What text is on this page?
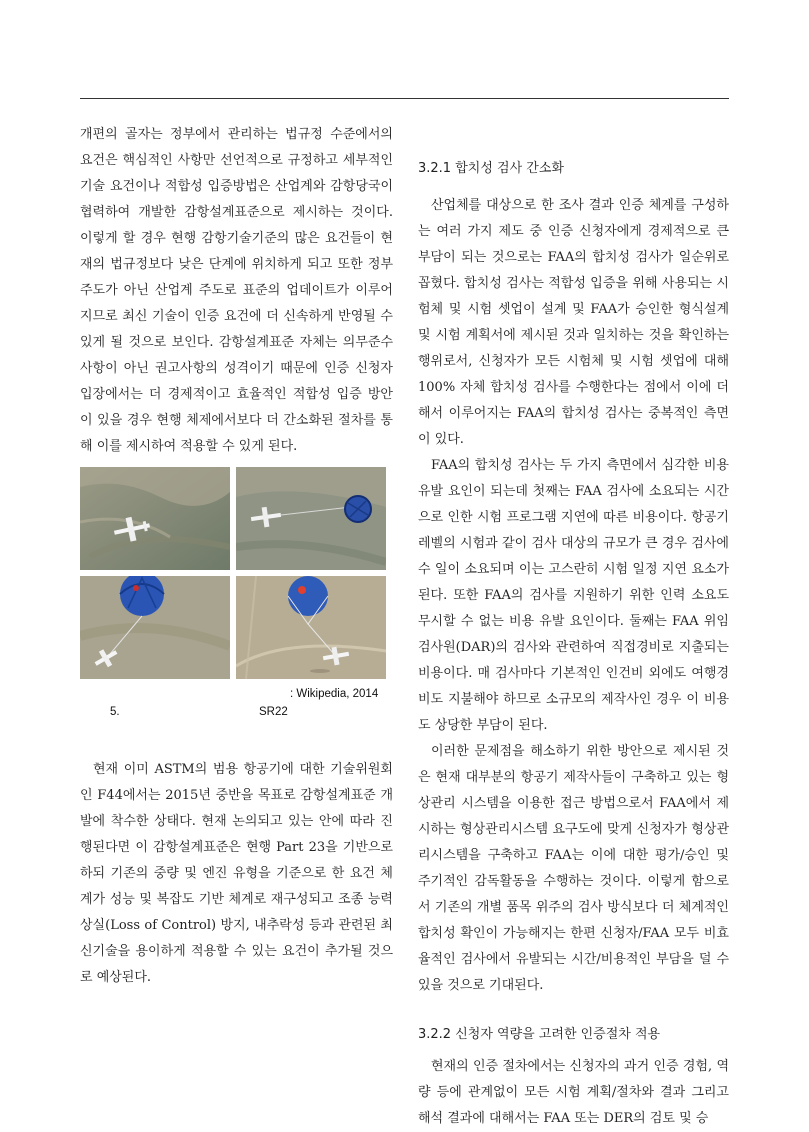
개편의 골자는 정부에서 관리하는 법규정 수준에서의 요건은 핵심적인 사항만 선언적으로 규정하고 세부적인 기술 요건이나 적합성 입증방법은 산업계와 감항당국이 협력하여 개발한 감항설계표준으로 제시하는 것이다. 이렇게 할 경우 현행 감항기술기준의 많은 요건들이 현재의 법규정보다 낮은 단계에 위치하게 되고 또한 정부 주도가 아닌 산업계 주도로 표준의 업데이트가 이루어지므로 최신 기술이 인증 요건에 더 신속하게 반영될 수 있게 될 것으로 보인다. 감항설계표준 자체는 의무준수 사항이 아닌 권고사항의 성격이기 때문에 인증 신청자 입장에서는 더 경제적이고 효율적인 적합성 입증 방안이 있을 경우 현행 체제에서보다 더 간소화된 절차를 통해 이를 제시하여 적용할 수 있게 된다.

: Wikipedia, 2014
5.	SR22

현재 이미 ASTM의 범용 항공기에 대한 기술위원회인 F44에서는 2015년 중반을 목표로 감항설계표준 개발에 착수한 상태다. 현재 논의되고 있는 안에 따라 진행된다면 이 감항설계표준은 현행 Part 23을 기반으로 하되 기존의 중량 및 엔진 유형을 기준으로 한 요건 체계가 성능 및 복잡도 기반 체계로 재구성되고 조종 능력 상실(Loss of Control) 방지, 내추락성 등과 관련된 최신기술을 용이하게 적용할 수 있는 요건이 추가될 것으로 예상된다.

3.2.1 합치성 검사 간소화

산업체를 대상으로 한 조사 결과 인증 체계를 구성하는 여러 가지 제도 중 인증 신청자에게 경제적으로 큰 부담이 되는 것으로는 FAA의 합치성 검사가 일순위로 꼽혔다. 합치성 검사는 적합성 입증을 위해 사용되는 시험체 및 시험 셋업이 설계 및 FAA가 승인한 형식설계 및 시험 계획서에 제시된 것과 일치하는 것을 확인하는 행위로서, 신청자가 모든 시험체 및 시험 셋업에 대해 100% 자체 합치성 검사를 수행한다는 점에서 이에 더해서 이루어지는 FAA의 합치성 검사는 중복적인 측면이 있다.

FAA의 합치성 검사는 두 가지 측면에서 심각한 비용 유발 요인이 되는데 첫째는 FAA 검사에 소요되는 시간으로 인한 시험 프로그램 지연에 따른 비용이다. 항공기 레벨의 시험과 같이 검사 대상의 규모가 큰 경우 검사에 수 일이 소요되며 이는 고스란히 시험 일정 지연 요소가 된다. 또한 FAA의 검사를 지원하기 위한 인력 소요도 무시할 수 없는 비용 유발 요인이다. 둘째는 FAA 위임 검사원(DAR)의 검사와 관련하여 직접경비로 지출되는 비용이다. 매 검사마다 기본적인 인건비 외에도 여행경비도 지불해야 하므로 소규모의 제작사인 경우 이 비용도 상당한 부담이 된다.

이러한 문제점을 해소하기 위한 방안으로 제시된 것은 현재 대부분의 항공기 제작사들이 구축하고 있는 형상관리 시스템을 이용한 접근 방법으로서 FAA에서 제시하는 형상관리시스템 요구도에 맞게 신청자가 형상관리시스템을 구축하고 FAA는 이에 대한 평가/승인 및 주기적인 감독활동을 수행하는 것이다. 이렇게 함으로서 기존의 개별 품목 위주의 검사 방식보다 더 체계적인 합치성 확인이 가능해지는 한편 신청자/FAA 모두 비효율적인 검사에서 유발되는 시간/비용적인 부담을 덜 수 있을 것으로 기대된다.

3.2.2 신청자 역량을 고려한 인증절차 적용

현재의 인증 절차에서는 신청자의 과거 인증 경험, 역량 등에 관계없이 모든 시험 계획/절차와 결과 그리고 해석 결과에 대해서는 FAA 또는 DER의 검토 및 승
